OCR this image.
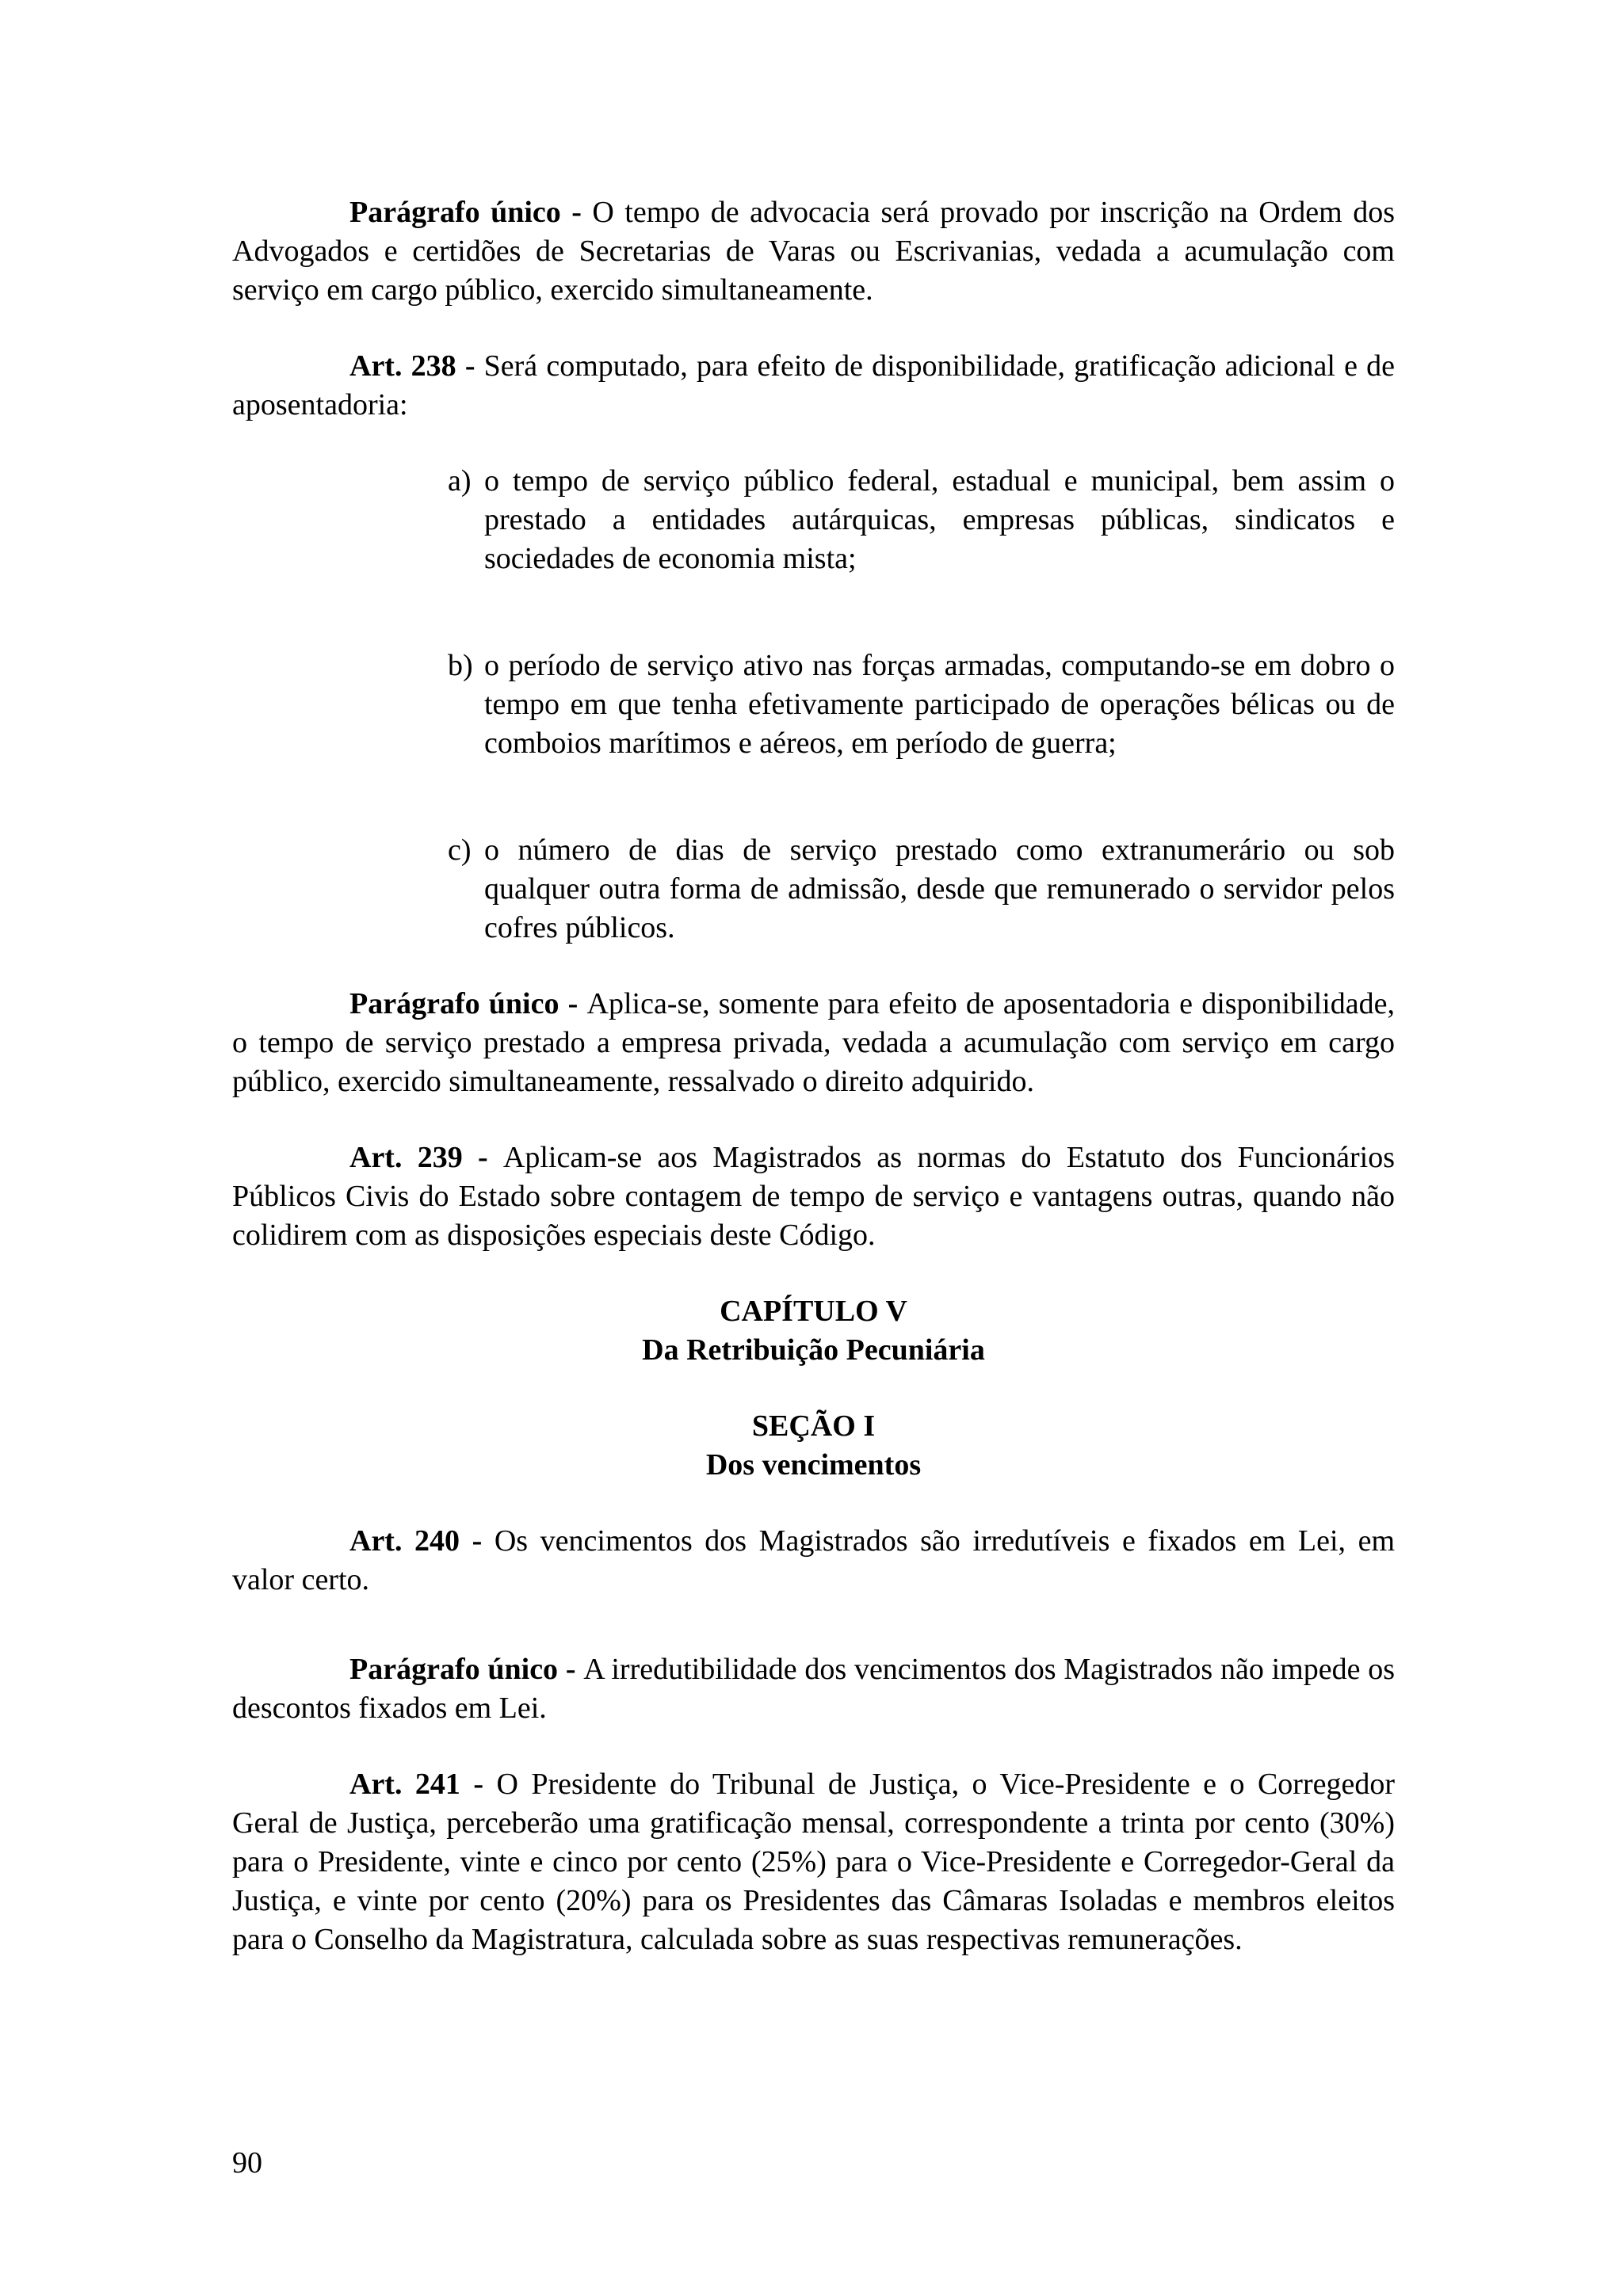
Parágrafo único - O tempo de advocacia será provado por inscrição na Ordem dos Advogados e certidões de Secretarias de Varas ou Escrivanias, vedada a acumulação com serviço em cargo público, exercido simultaneamente.

Art. 238 - Será computado, para efeito de disponibilidade, gratificação adicional e de aposentadoria:

a) o tempo de serviço público federal, estadual e municipal, bem assim o prestado a entidades autárquicas, empresas públicas, sindicatos e sociedades de economia mista;
b) o período de serviço ativo nas forças armadas, computando-se em dobro o tempo em que tenha efetivamente participado de operações bélicas ou de comboios marítimos e aéreos, em período de guerra;
c) o número de dias de serviço prestado como extranumerário ou sob qualquer outra forma de admissão, desde que remunerado o servidor pelos cofres públicos.

Parágrafo único - Aplica-se, somente para efeito de aposentadoria e disponibilidade, o tempo de serviço prestado a empresa privada, vedada a acumulação com serviço em cargo público, exercido simultaneamente, ressalvado o direito adquirido.

Art. 239 - Aplicam-se aos Magistrados as normas do Estatuto dos Funcionários Públicos Civis do Estado sobre contagem de tempo de serviço e vantagens outras, quando não colidirem com as disposições especiais deste Código.

CAPÍTULO V
Da Retribuição Pecuniária
SEÇÃO I
Dos vencimentos

Art. 240 - Os vencimentos dos Magistrados são irredutíveis e fixados em Lei, em valor certo.

Parágrafo único - A irredutibilidade dos vencimentos dos Magistrados não impede os descontos fixados em Lei.

Art. 241 - O Presidente do Tribunal de Justiça, o Vice-Presidente e o Corregedor Geral de Justiça, perceberão uma gratificação mensal, correspondente a trinta por cento (30%) para o Presidente, vinte e cinco por cento (25%) para o Vice-Presidente e Corregedor-Geral da Justiça, e vinte por cento (20%) para os Presidentes das Câmaras Isoladas e membros eleitos para o Conselho da Magistratura, calculada sobre as suas respectivas remunerações.

90
